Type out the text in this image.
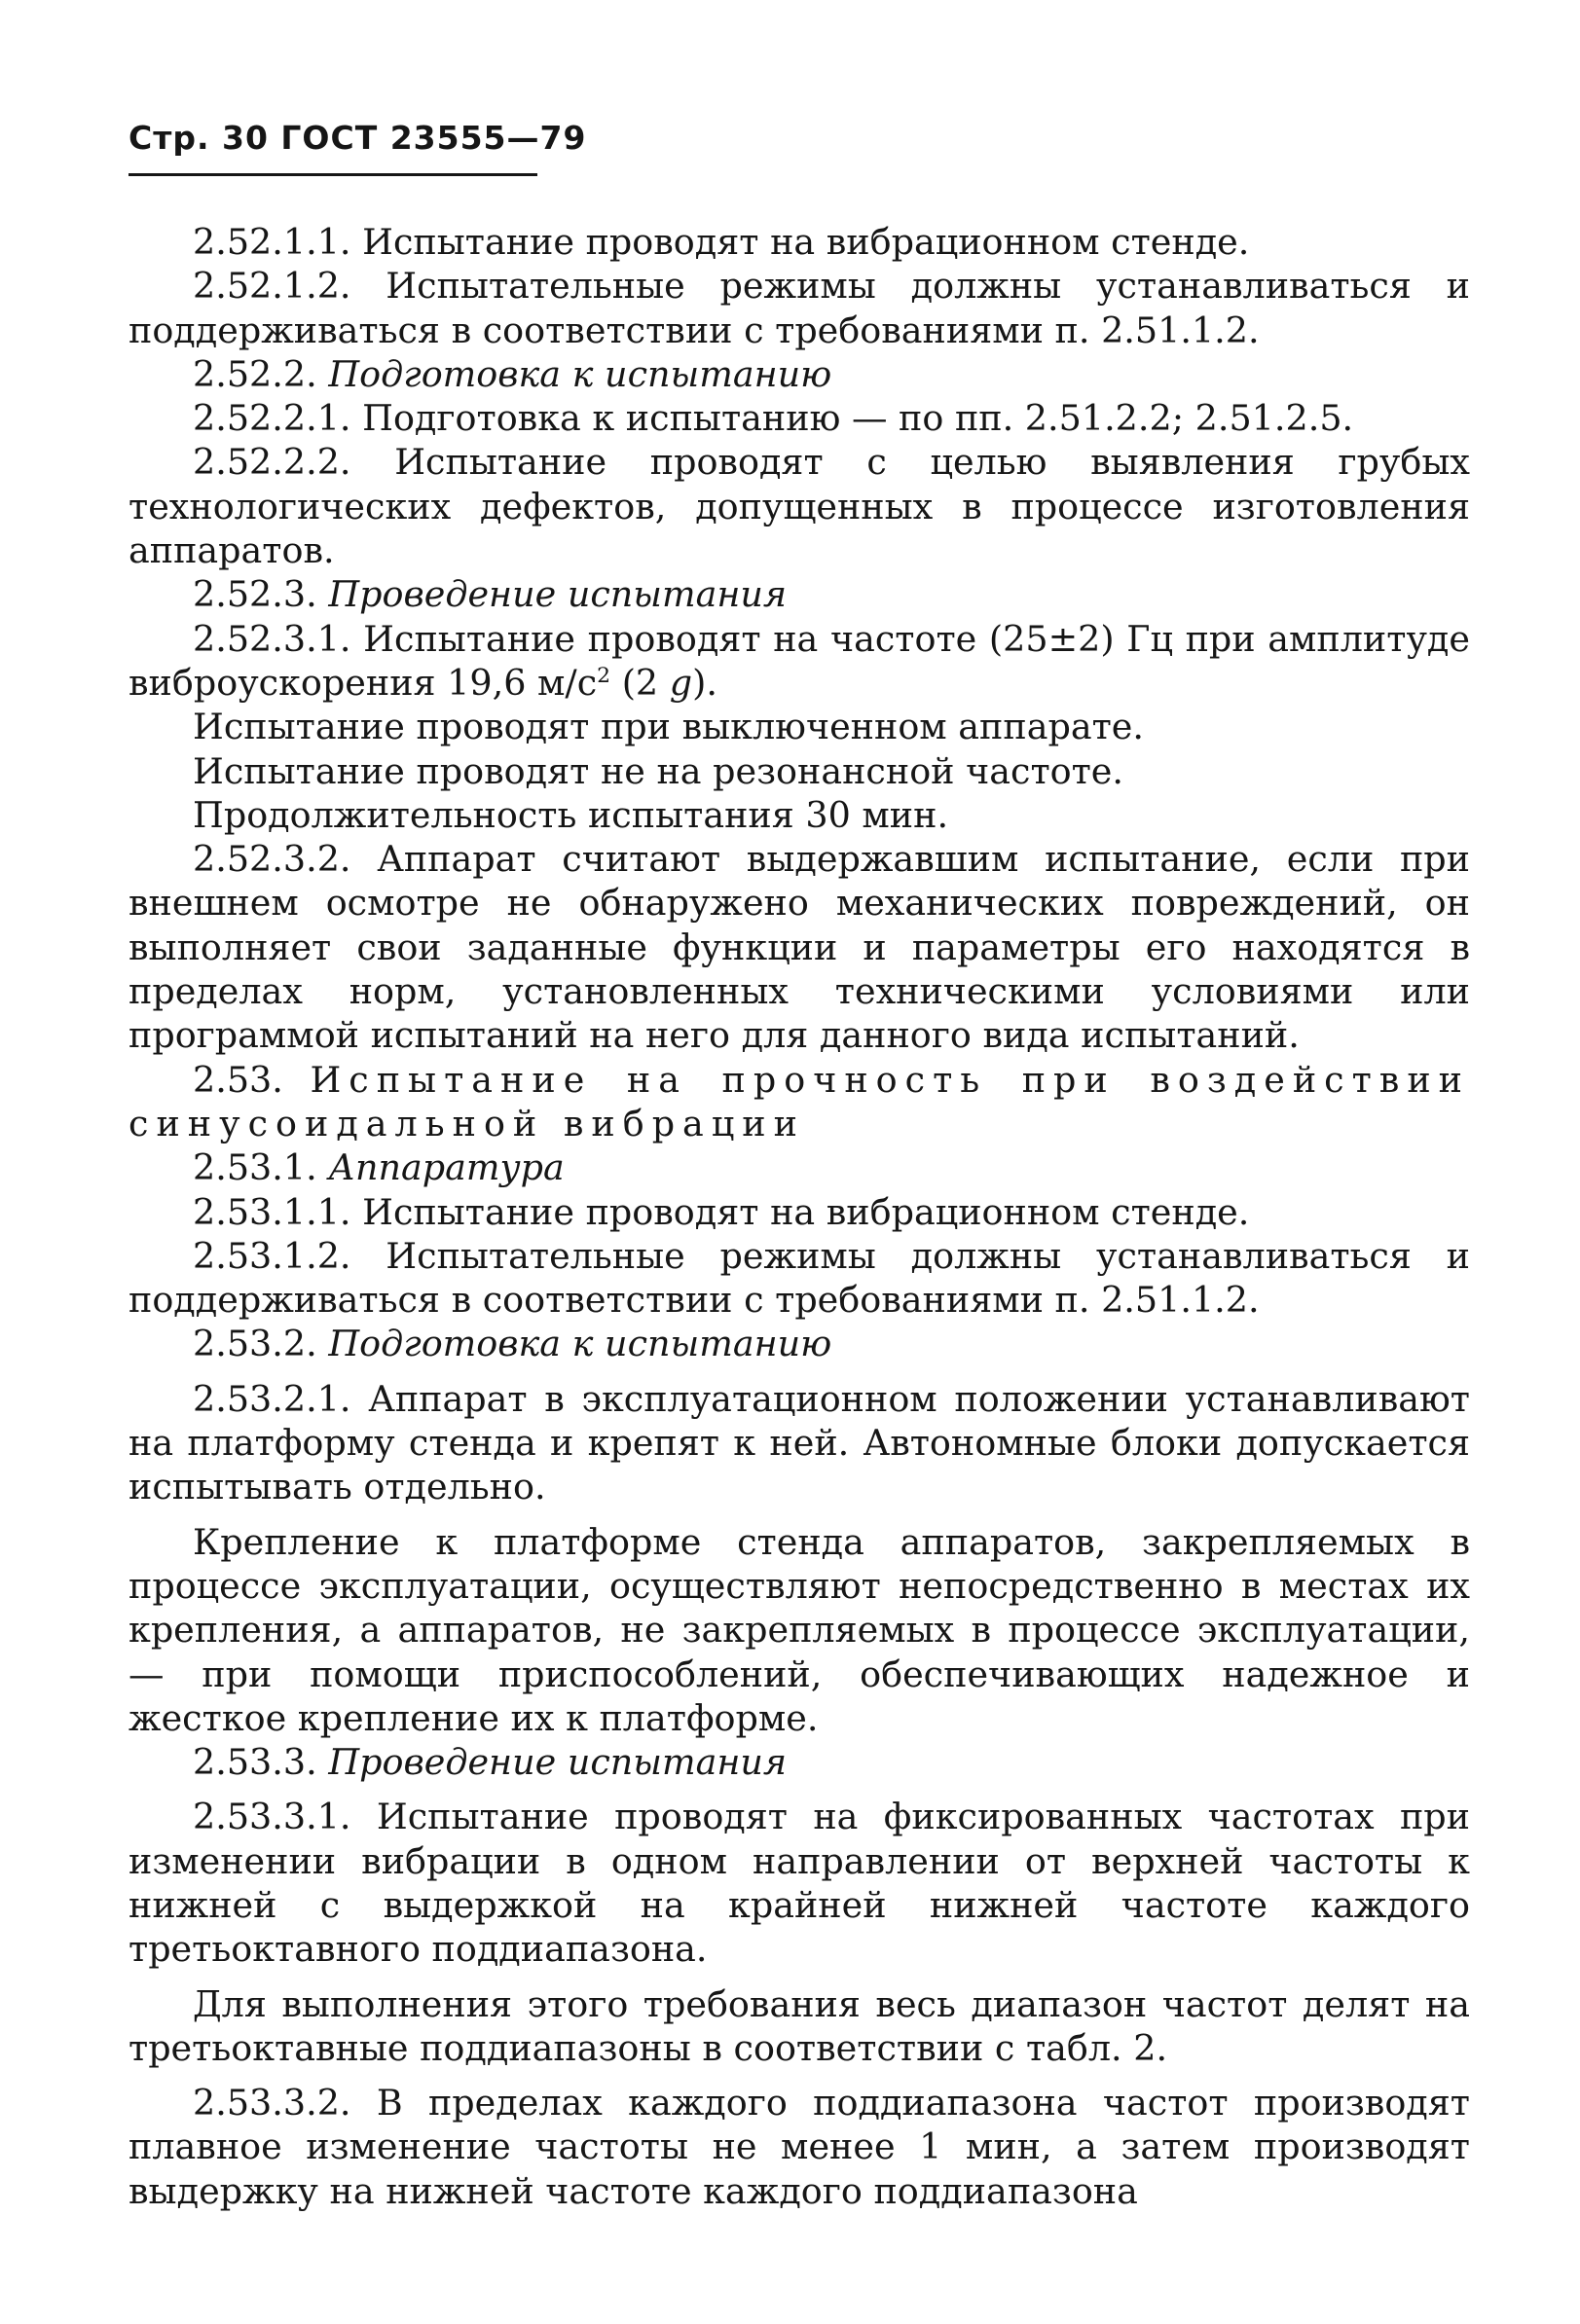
Стр. 30 ГОСТ 23555—79

2.52.1.1. Испытание проводят на вибрационном стенде.

2.52.1.2. Испытательные режимы должны устанавливаться и поддерживаться в соответствии с требованиями п. 2.51.1.2.

2.52.2. Подготовка к испытанию

2.52.2.1. Подготовка к испытанию — по пп. 2.51.2.2; 2.51.2.5.

2.52.2.2. Испытание проводят с целью выявления грубых технологических дефектов, допущенных в процессе изготовления аппаратов.

2.52.3. Проведение испытания

2.52.3.1. Испытание проводят на частоте (25±2) Гц при амплитуде виброускорения 19,6 $м/с^2$ (2 g).

Испытание проводят при выключенном аппарате.

Испытание проводят не на резонансной частоте.

Продолжительность испытания 30 мин.

2.52.3.2. Аппарат считают выдержавшим испытание, если при внешнем осмотре не обнаружено механических повреждений, он выполняет свои заданные функции и параметры его находятся в пределах норм, установленных техническими условиями или программой испытаний на него для данного вида испытаний.

2.53. Испытание на прочность при воздействии синусоидальной вибрации

2.53.1. Аппаратура

2.53.1.1. Испытание проводят на вибрационном стенде.

2.53.1.2. Испытательные режимы должны устанавливаться и поддерживаться в соответствии с требованиями п. 2.51.1.2.

2.53.2. Подготовка к испытанию

2.53.2.1. Аппарат в эксплуатационном положении устанавливают на платформу стенда и крепят к ней. Автономные блоки допускается испытывать отдельно.

Крепление к платформе стенда аппаратов, закрепляемых в процессе эксплуатации, осуществляют непосредственно в местах их крепления, а аппаратов, не закрепляемых в процессе эксплуатации, — при помощи приспособлений, обеспечивающих надежное и жесткое крепление их к платформе.

2.53.3. Проведение испытания

2.53.3.1. Испытание проводят на фиксированных частотах при изменении вибрации в одном направлении от верхней частоты к нижней с выдержкой на крайней нижней частоте каждого третьоктавного поддиапазона.

Для выполнения этого требования весь диапазон частот делят на третьоктавные поддиапазоны в соответствии с табл. 2.

2.53.3.2. В пределах каждого поддиапазона частот производят плавное изменение частоты не менее 1 мин, а затем производят выдержку на нижней частоте каждого поддиапазона
